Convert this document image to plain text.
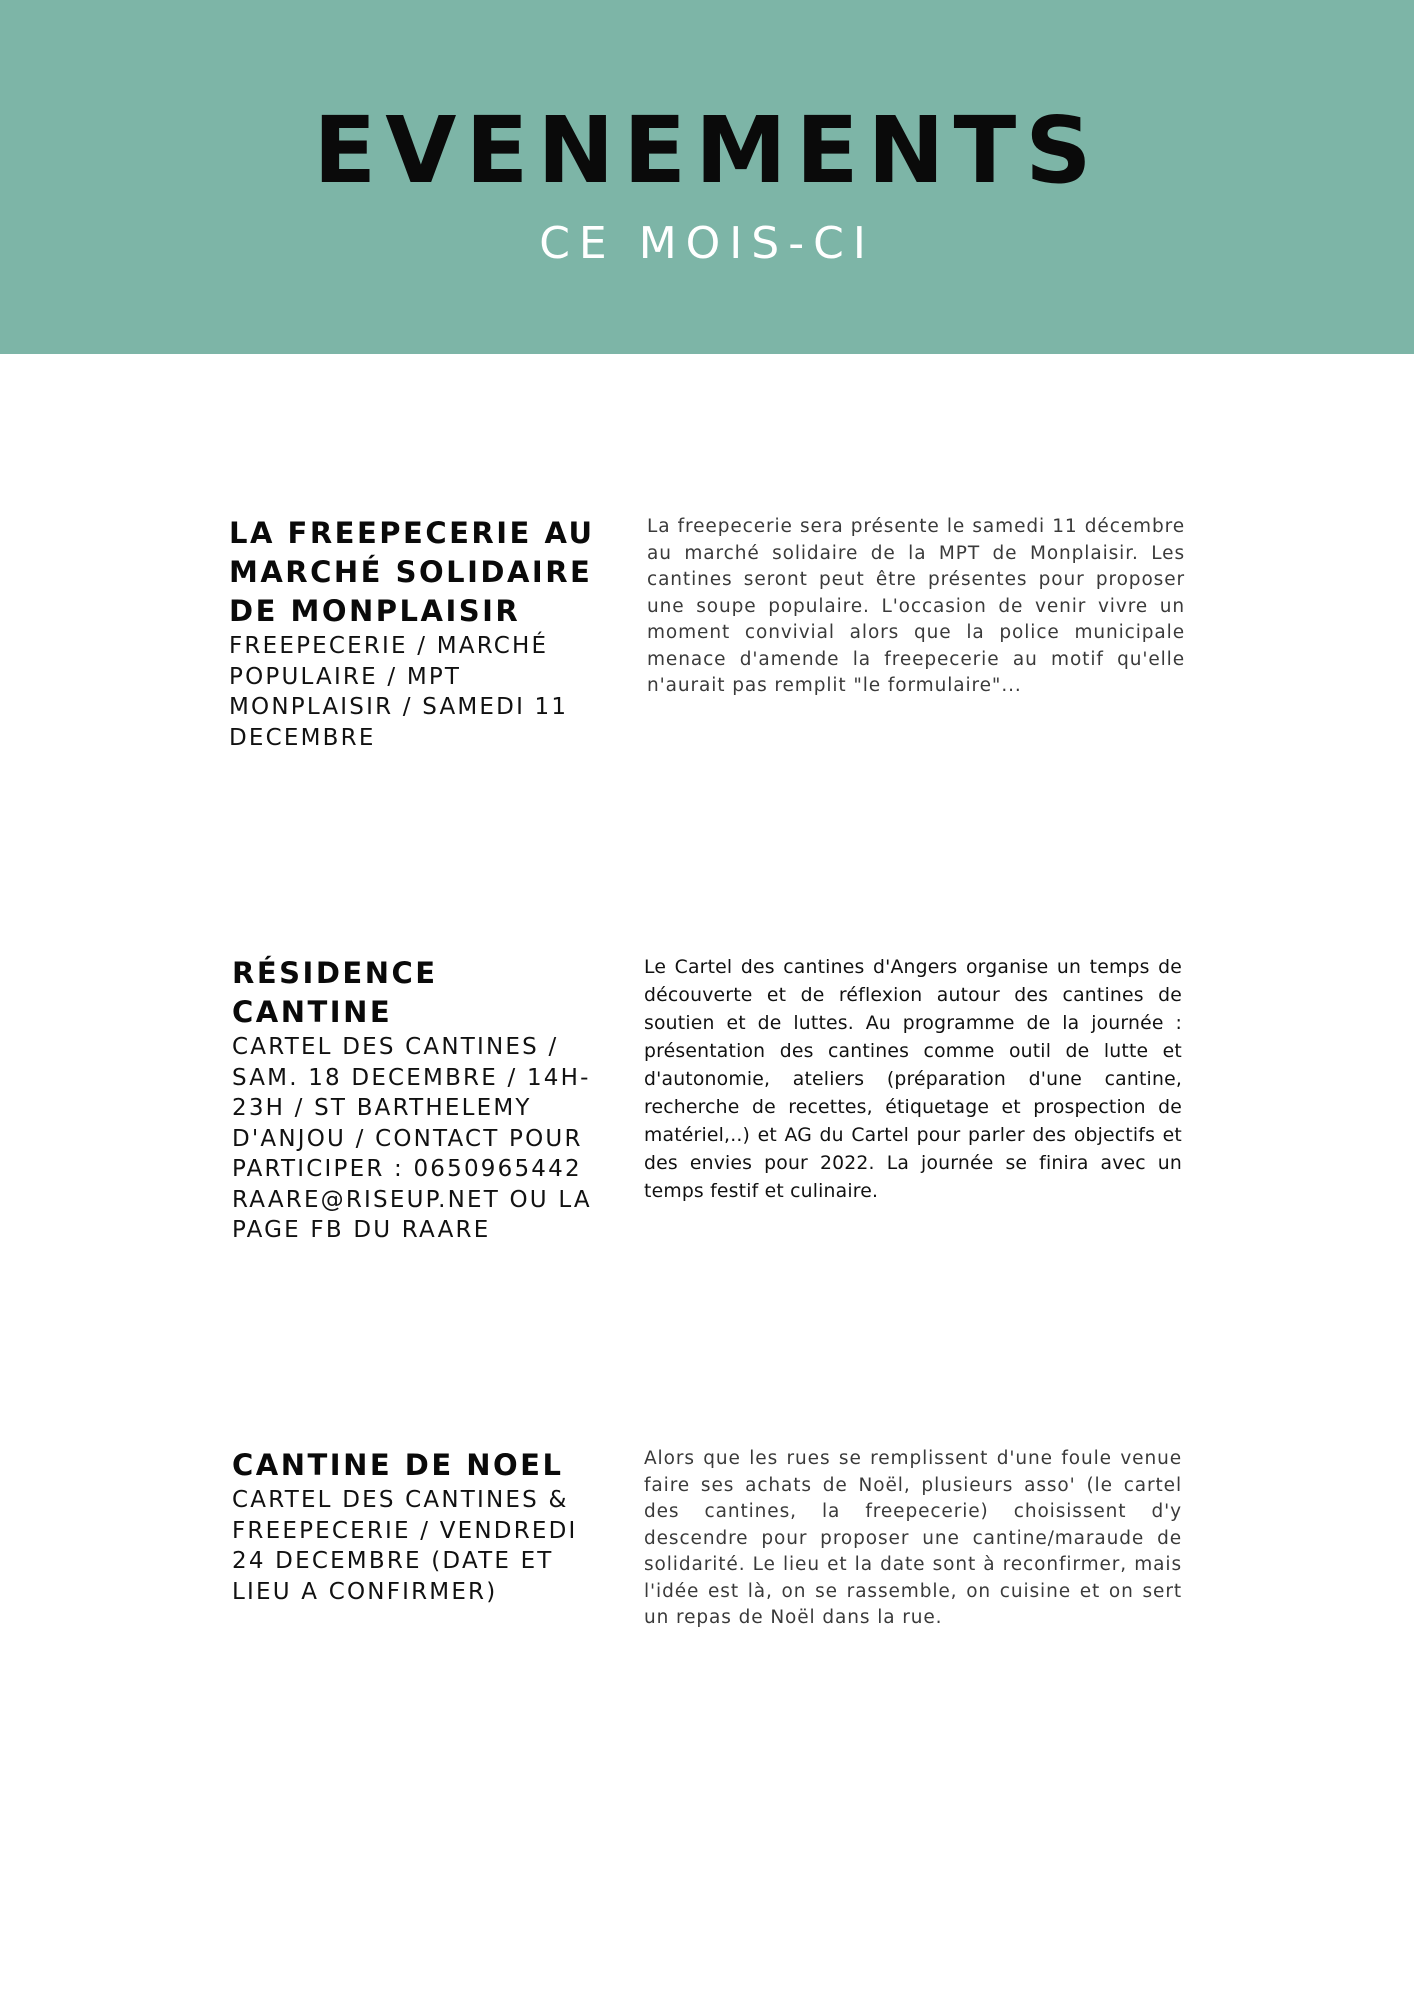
EVENEMENTS
CE MOIS-CI

LA FREEPECERIE AU
MARCHÉ SOLIDAIRE
DE MONPLAISIR

FREEPECERIE / MARCHÉ
POPULAIRE / MPT
MONPLAISIR / SAMEDI 11
DECEMBRE

La freepecerie sera présente le samedi 11 décembre au marché solidaire de la MPT de Monplaisir. Les cantines seront peut être présentes pour proposer une soupe populaire. L'occasion de venir vivre un moment convivial alors que la police municipale menace d'amende la freepecerie au motif qu'elle n'aurait pas remplit "le formulaire"...

RÉSIDENCE
CANTINE

CARTEL DES CANTINES /
SAM. 18 DECEMBRE / 14H-
23H / ST BARTHELEMY
D'ANJOU / CONTACT POUR
PARTICIPER : 0650965442
RAARE@RISEUP.NET OU LA
PAGE FB DU RAARE

Le Cartel des cantines d'Angers organise un temps de découverte et de réflexion autour des cantines de soutien et de luttes. Au programme de la journée : présentation des cantines comme outil de lutte et d'autonomie, ateliers (préparation d'une cantine, recherche de recettes, étiquetage et prospection de matériel,..) et AG du Cartel pour parler des objectifs et des envies pour 2022. La journée se finira avec un temps festif et culinaire.

CANTINE DE NOEL

CARTEL DES CANTINES &
FREEPECERIE / VENDREDI
24 DECEMBRE (DATE ET
LIEU A CONFIRMER)

Alors que les rues se remplissent d'une foule venue faire ses achats de Noël, plusieurs asso' (le cartel des cantines, la freepecerie) choisissent d'y descendre pour proposer une cantine/maraude de solidarité. Le lieu et la date sont à reconfirmer, mais l'idée est là, on se rassemble, on cuisine et on sert un repas de Noël dans la rue.
